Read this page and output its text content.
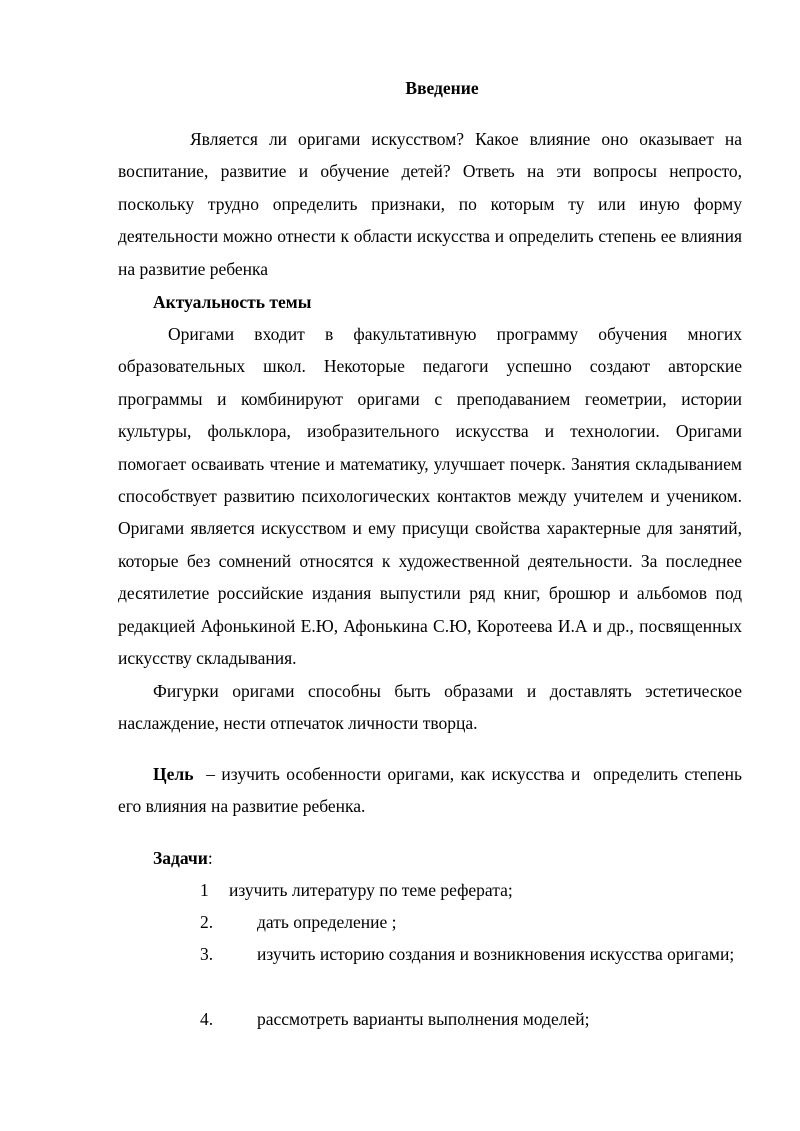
Введение

Является ли оригами искусством? Какое влияние оно оказывает на воспитание, развитие и обучение детей? Ответь на эти вопросы непросто, поскольку трудно определить признаки, по которым ту или иную форму деятельности можно отнести к области искусства и определить степень ее влияния на развитие ребенка

Актуальность темы

Оригами входит в факультативную программу обучения многих образовательных школ. Некоторые педагоги успешно создают авторские программы и комбинируют оригами с преподаванием геометрии, истории культуры, фольклора, изобразительного искусства и технологии. Оригами помогает осваивать чтение и математику, улучшает почерк. Занятия складыванием способствует развитию психологических контактов между учителем и учеником. Оригами является искусством и ему присущи свойства характерные для занятий, которые без сомнений относятся к художественной деятельности. За последнее десятилетие российские издания выпустили ряд книг, брошюр и альбомов под редакцией Афонькиной Е.Ю, Афонькина С.Ю, Коротеева И.А и др., посвященных искусству складывания.

Фигурки оригами способны быть образами и доставлять эстетическое наслаждение, нести отпечаток личности творца.

Цель  – изучить особенности оригами, как искусства и  определить степень его влияния на развитие ребенка.

Задачи:
1 изучить литературу по теме реферата;
2.	дать определение ;
3.	изучить историю создания и возникновения искусства оригами;

4.	рассмотреть варианты выполнения моделей;
